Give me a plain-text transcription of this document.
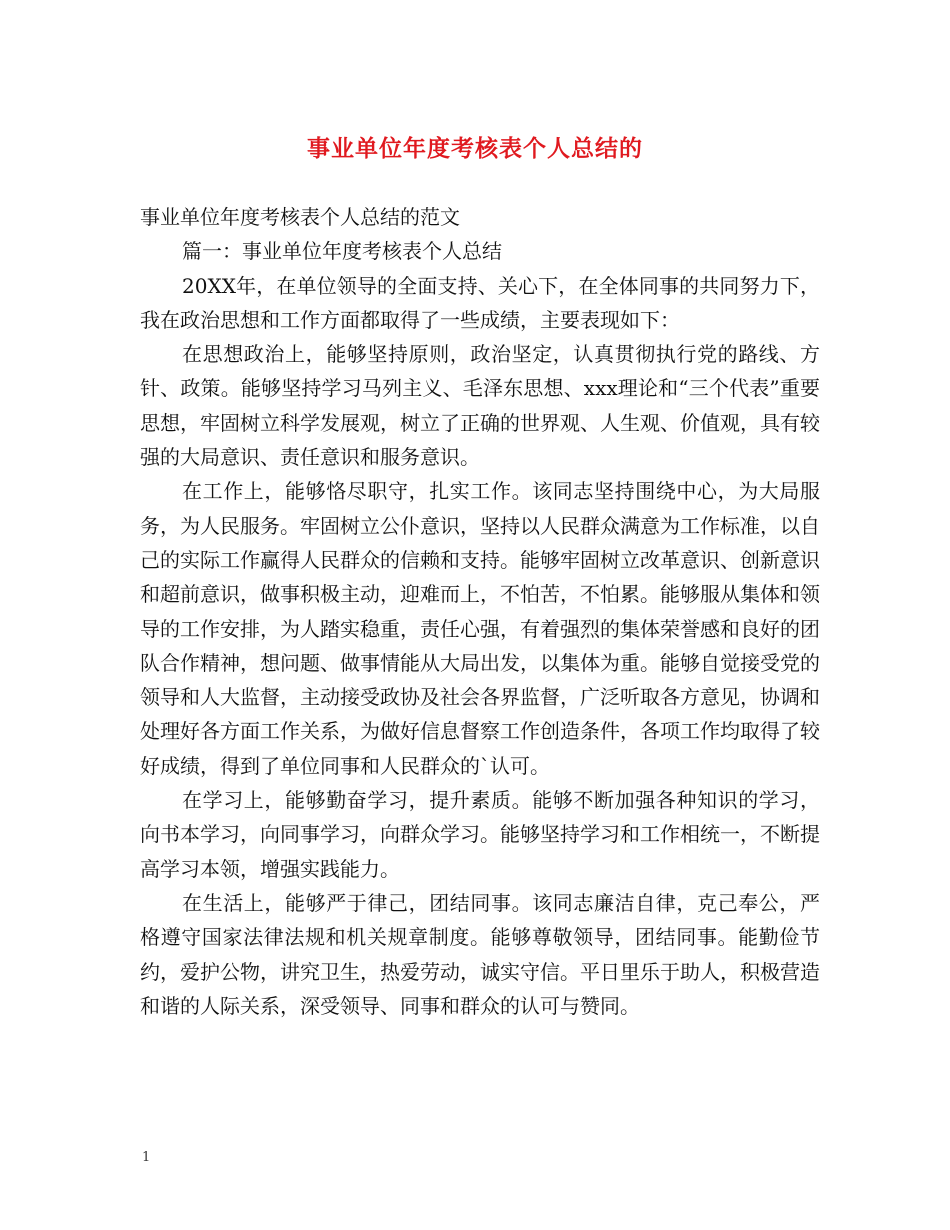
事业单位年度考核表个人总结的

事业单位年度考核表个人总结的范文

篇一：事业单位年度考核表个人总结

20XX年，在单位领导的全面支持、关心下，在全体同事的共同努力下，我在政治思想和工作方面都取得了一些成绩，主要表现如下：

在思想政治上，能够坚持原则，政治坚定，认真贯彻执行党的路线、方针、政策。能够坚持学习马列主义、毛泽东思想、xxx理论和“三个代表”重要思想，牢固树立科学发展观，树立了正确的世界观、人生观、价值观，具有较强的大局意识、责任意识和服务意识。

在工作上，能够恪尽职守，扎实工作。该同志坚持围绕中心，为大局服务，为人民服务。牢固树立公仆意识，坚持以人民群众满意为工作标准，以自己的实际工作赢得人民群众的信赖和支持。能够牢固树立改革意识、创新意识和超前意识，做事积极主动，迎难而上，不怕苦，不怕累。能够服从集体和领导的工作安排，为人踏实稳重，责任心强，有着强烈的集体荣誉感和良好的团队合作精神，想问题、做事情能从大局出发，以集体为重。能够自觉接受党的领导和人大监督，主动接受政协及社会各界监督，广泛听取各方意见，协调和处理好各方面工作关系，为做好信息督察工作创造条件，各项工作均取得了较好成绩，得到了单位同事和人民群众的`认可。

在学习上，能够勤奋学习，提升素质。能够不断加强各种知识的学习，向书本学习，向同事学习，向群众学习。能够坚持学习和工作相统一，不断提高学习本领，增强实践能力。

在生活上，能够严于律己，团结同事。该同志廉洁自律，克己奉公，严格遵守国家法律法规和机关规章制度。能够尊敬领导，团结同事。能勤俭节约，爱护公物，讲究卫生，热爱劳动，诚实守信。平日里乐于助人，积极营造和谐的人际关系，深受领导、同事和群众的认可与赞同。

1
